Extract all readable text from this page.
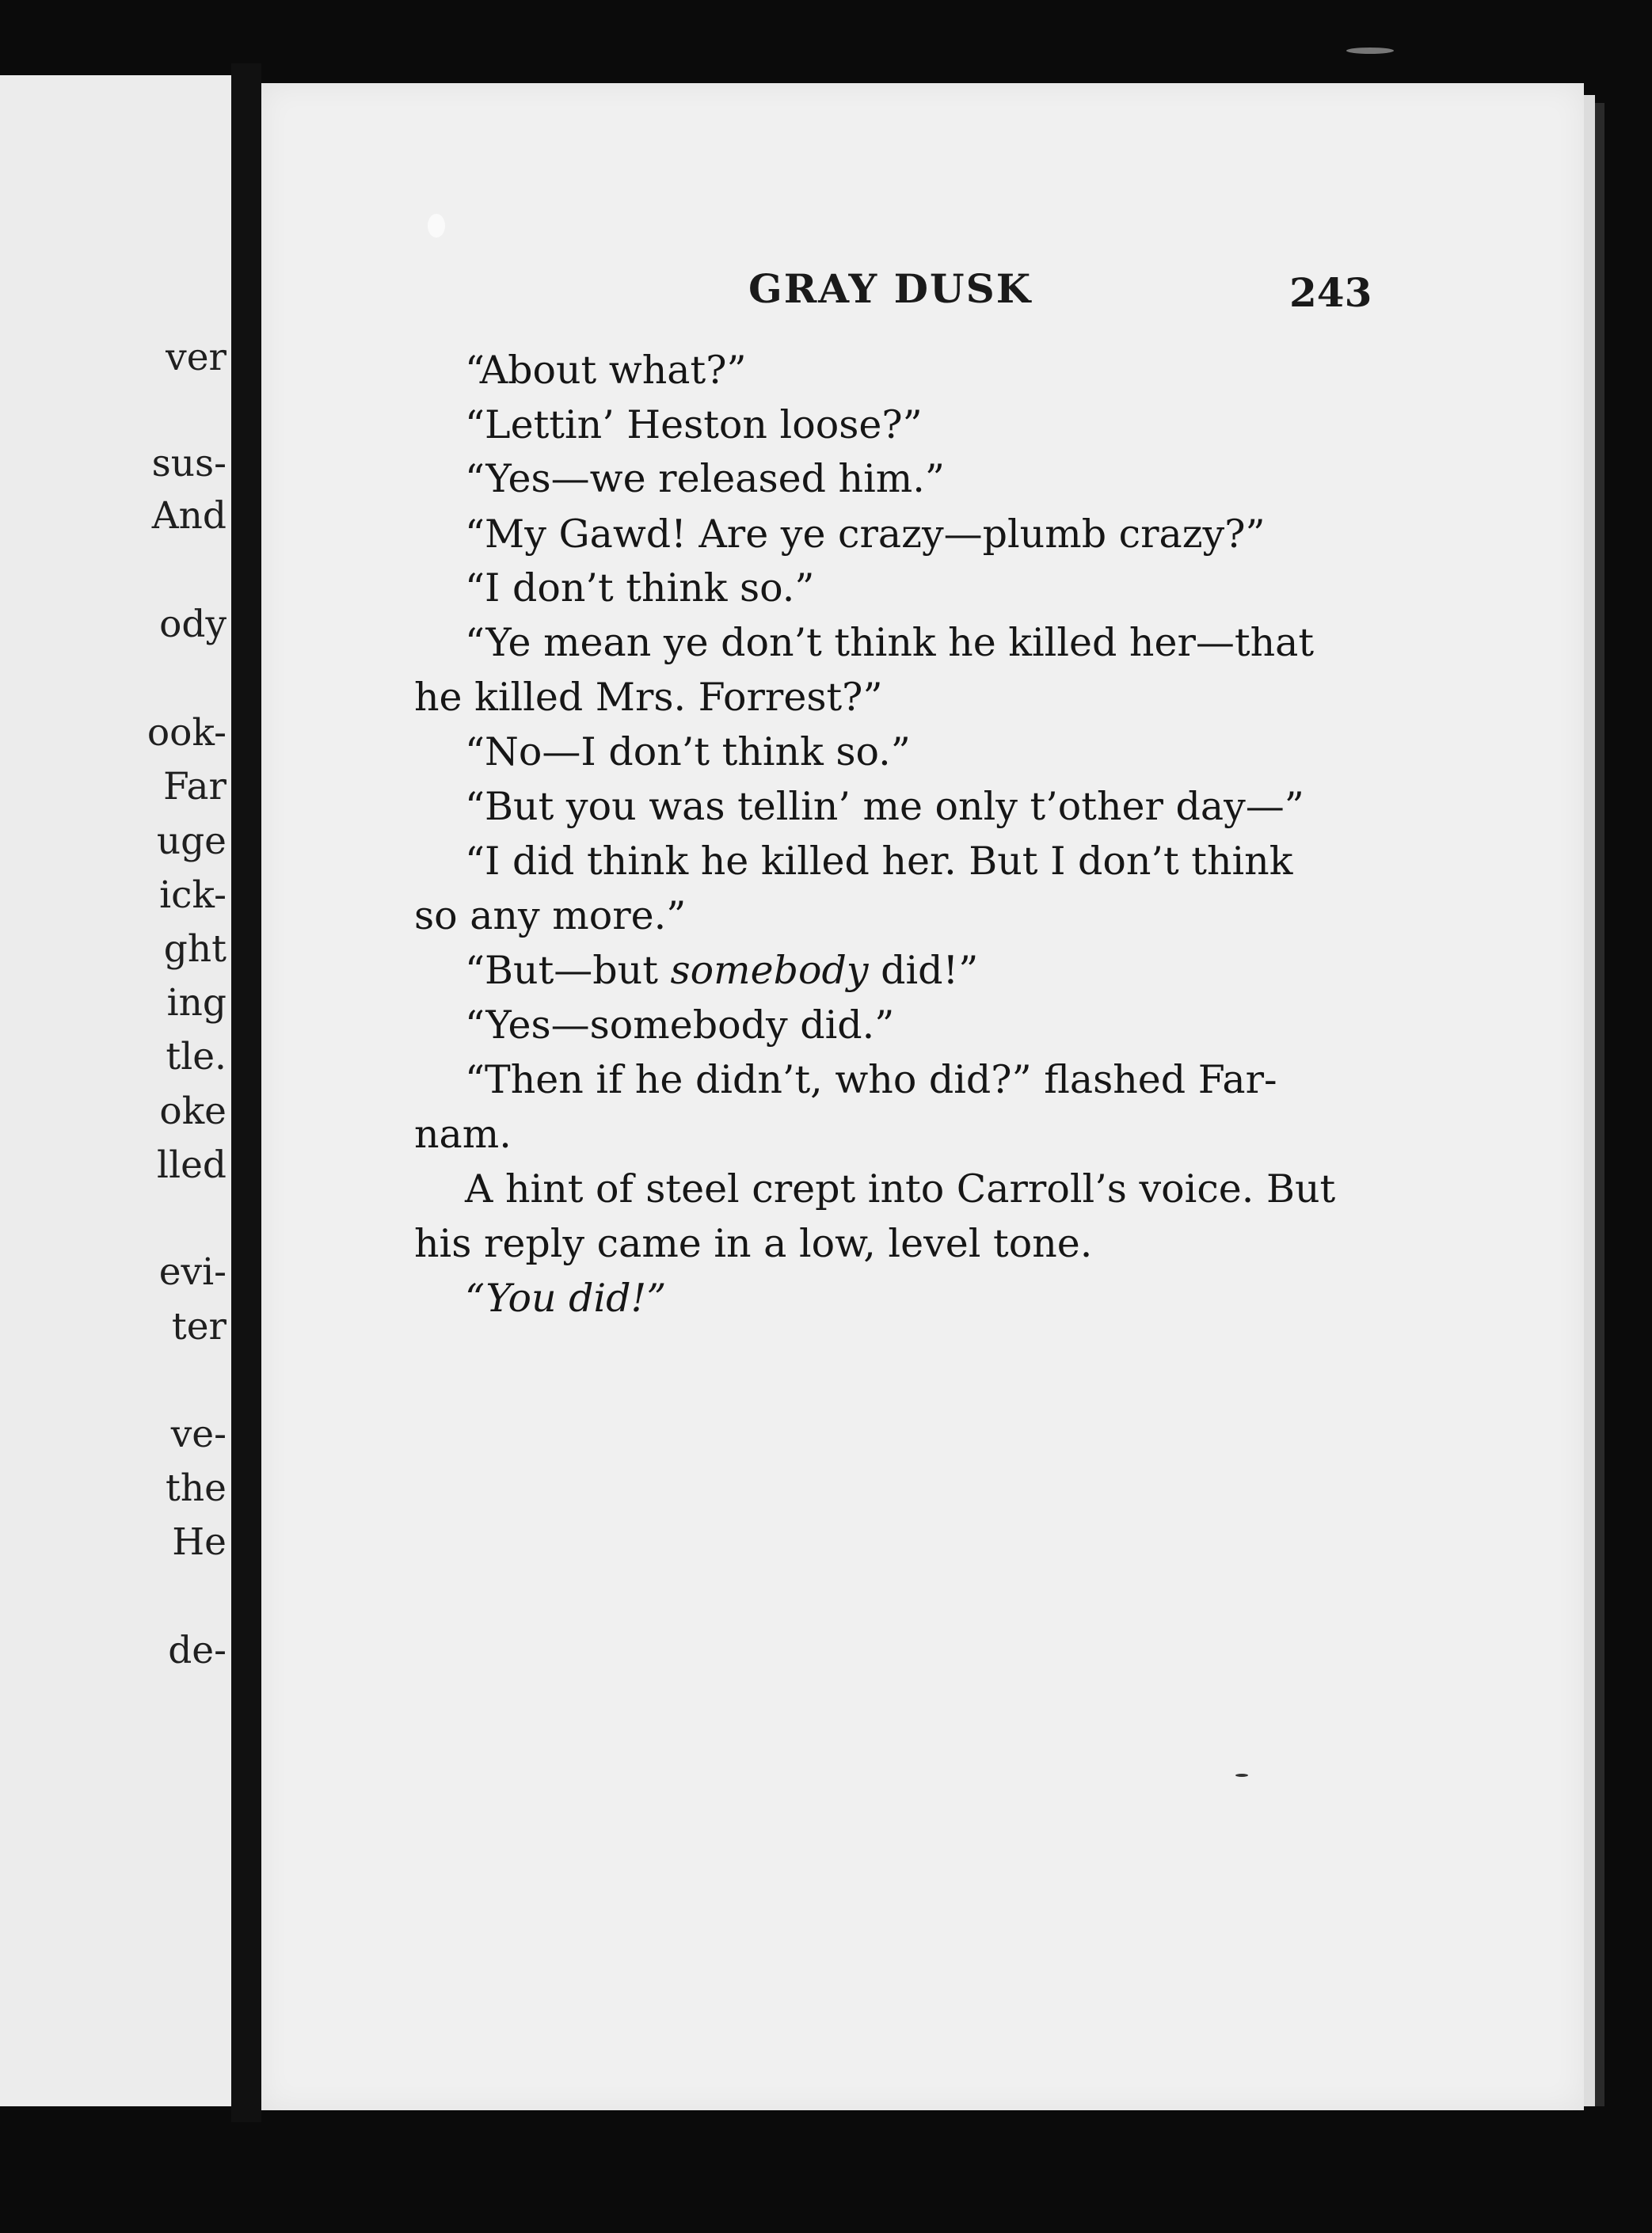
ver
sus-
And
ody
ook-
Far
uge
ick-
ght
ing
tle.
oke
lled
evi-
ter
ve-
the
He
de-
GRAY DUSK	243
“About what?”
“Lettin’ Heston loose?”
“Yes—we released him.”
“My Gawd! Are ye crazy—plumb crazy?”
“I don’t think so.”
“Ye mean ye don’t think he killed her—that
he killed Mrs. Forrest?”
“No—I don’t think so.”
“But you was tellin’ me only t’other day—”
“I did think he killed her. But I don’t think
so any more.”
“But—but somebody did!”
“Yes—somebody did.”
“Then if he didn’t, who did?” flashed Far-
nam.
A hint of steel crept into Carroll’s voice. But
his reply came in a low, level tone.
“You did!”
